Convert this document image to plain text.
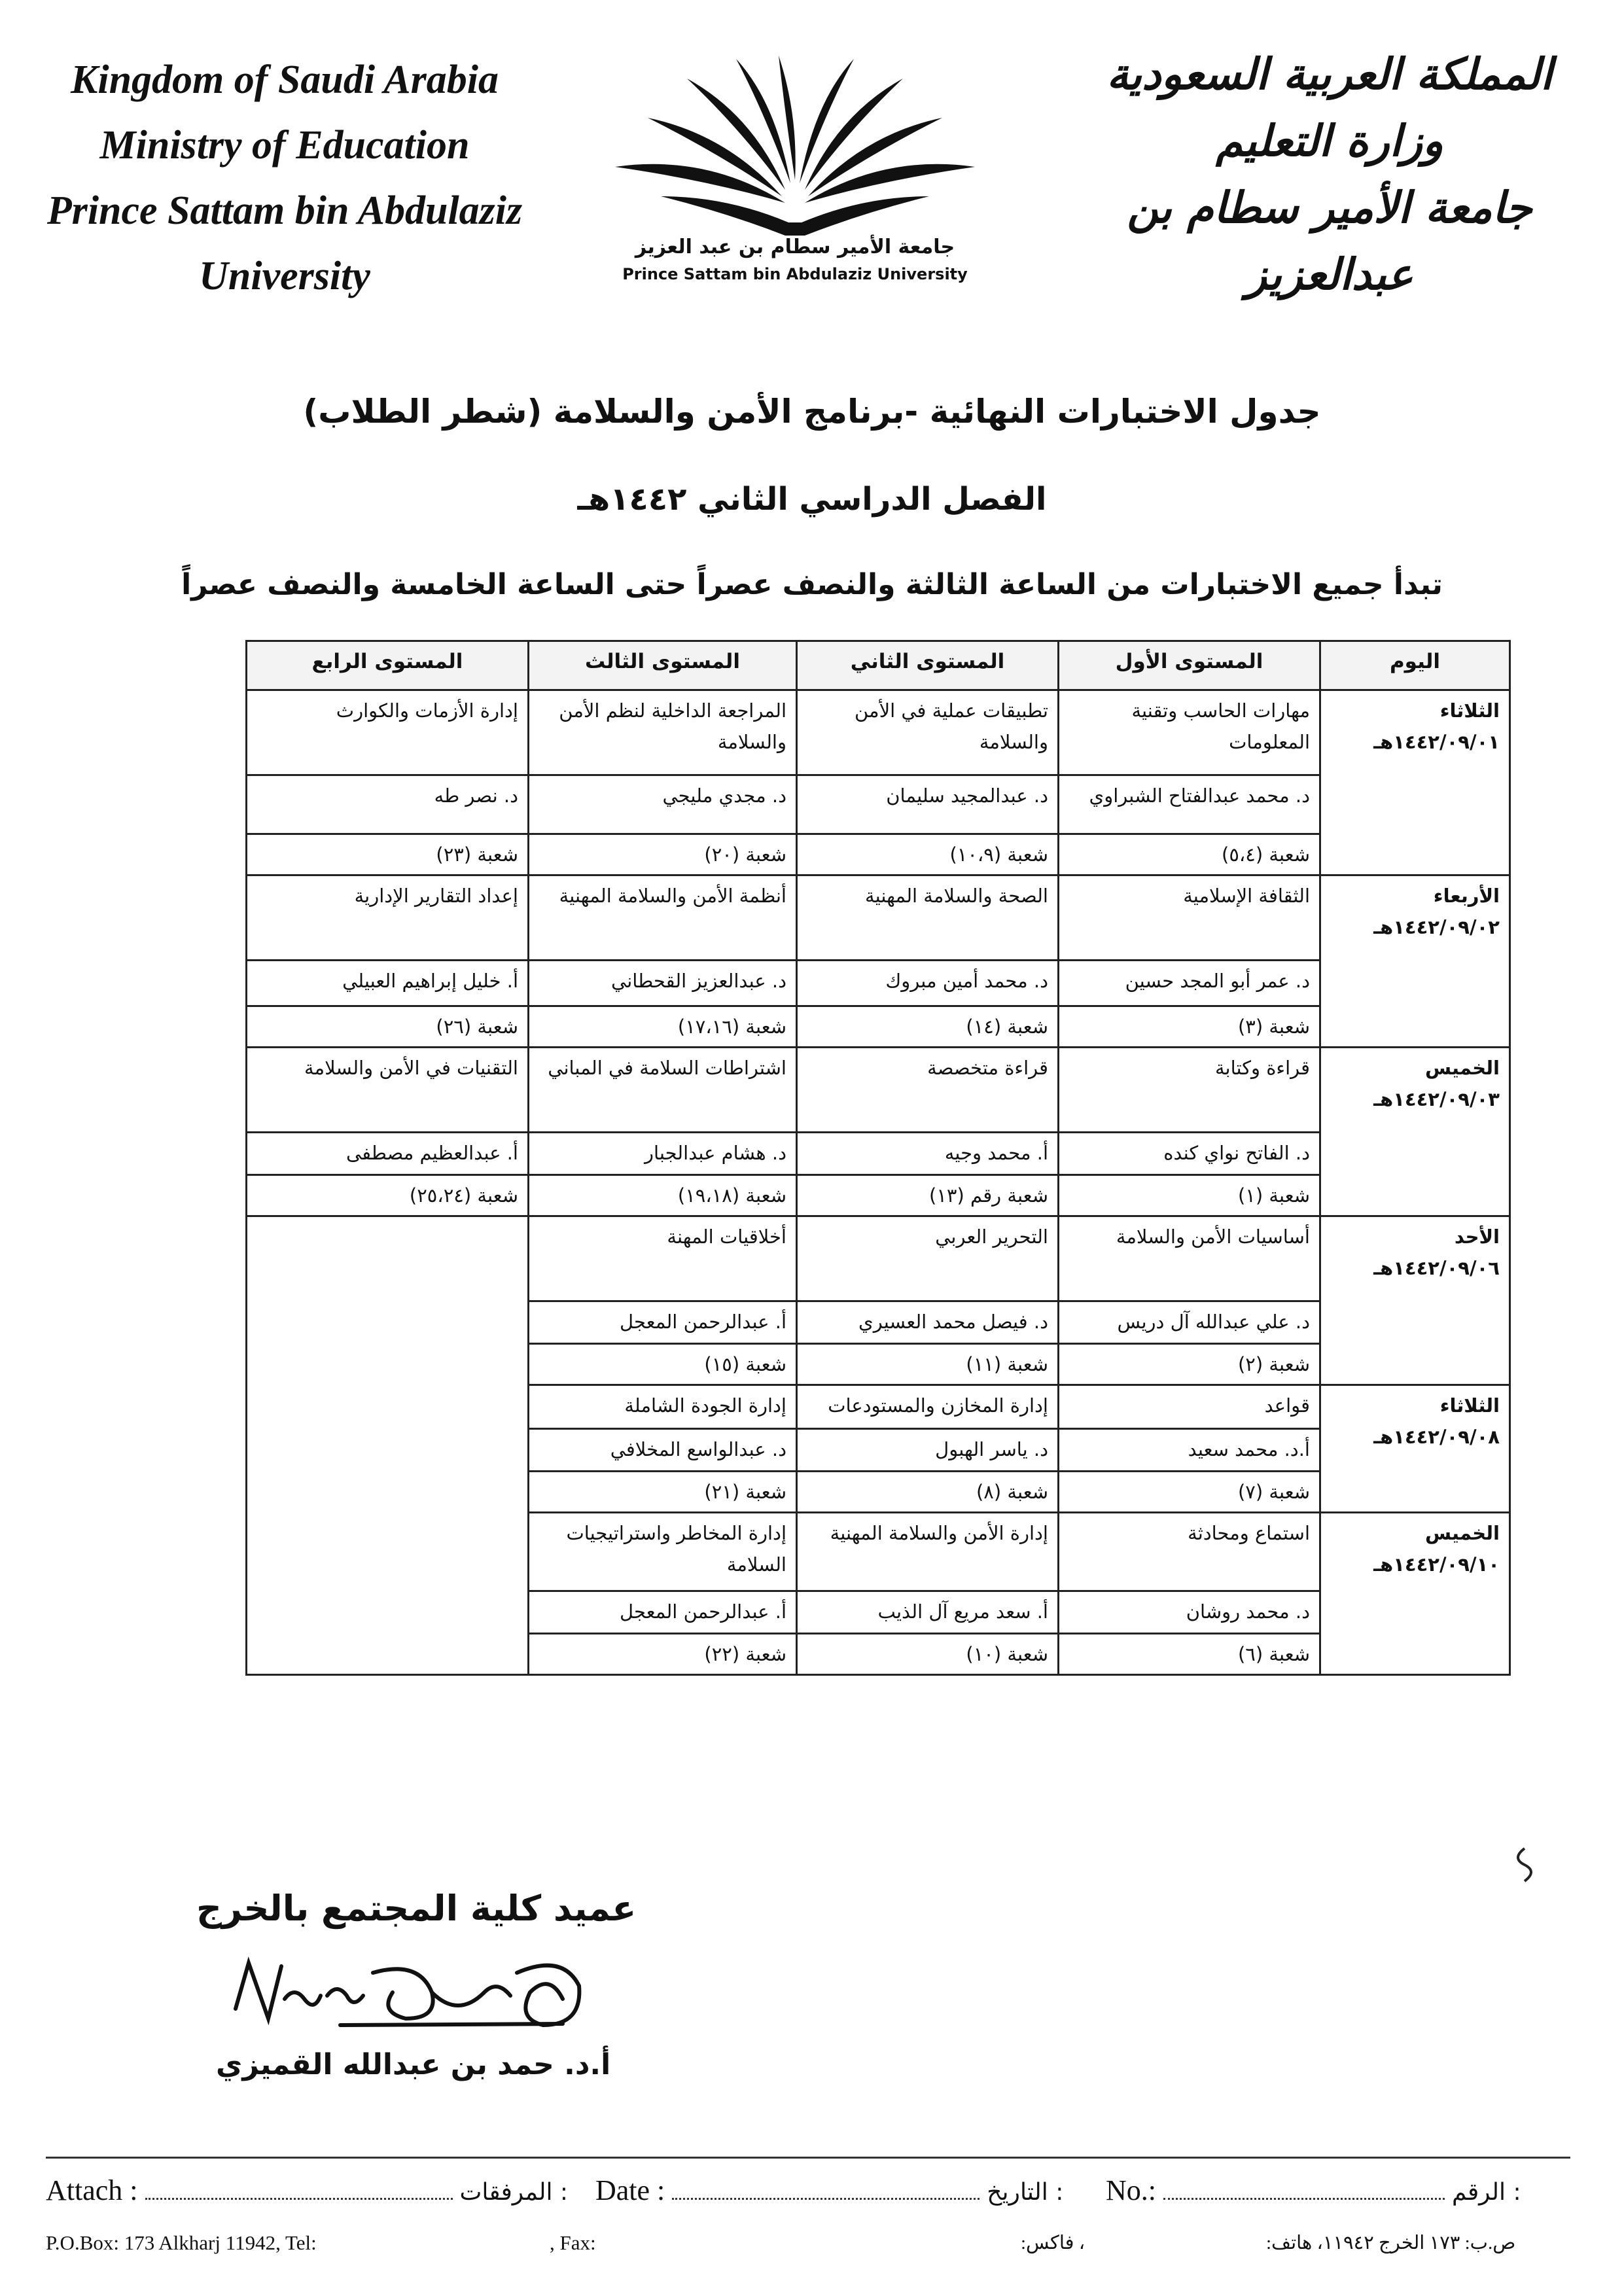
Kingdom of Saudi Arabia
Ministry of Education
Prince Sattam bin Abdulaziz University
جامعة الأمير سطام بن عبد العزيز
Prince Sattam bin Abdulaziz University
المملكة العربية السعودية
وزارة التعليم
جامعة الأمير سطام بن عبدالعزيز
جدول الاختبارات النهائية -برنامج الأمن والسلامة (شطر الطلاب)
الفصل الدراسي الثاني ١٤٤٢هـ
تبدأ جميع الاختبارات من الساعة الثالثة والنصف عصراً حتى الساعة الخامسة والنصف عصراً
اليوم	المستوى الأول	المستوى الثاني	المستوى الثالث	المستوى الرابع

الثلاثاء
١٤٤٢/٠٩/٠١هـ	مهارات الحاسب وتقنية المعلومات	تطبيقات عملية في الأمن والسلامة	المراجعة الداخلية لنظم الأمن والسلامة	إدارة الأزمات والكوارث
	د. محمد عبدالفتاح الشبراوي	د. عبدالمجيد سليمان	د. مجدي مليجي	د. نصر طه
	شعبة (٥،٤)	شعبة (١٠،٩)	شعبة (٢٠)	شعبة (٢٣)

الأربعاء
١٤٤٢/٠٩/٠٢هـ	الثقافة الإسلامية	الصحة والسلامة المهنية	أنظمة الأمن والسلامة المهنية	إعداد التقارير الإدارية
	د. عمر أبو المجد حسين	د. محمد أمين مبروك	د. عبدالعزيز القحطاني	أ. خليل إبراهيم العبيلي
	شعبة (٣)	شعبة (١٤)	شعبة (١٧،١٦)	شعبة (٢٦)

الخميس
١٤٤٢/٠٩/٠٣هـ	قراءة وكتابة	قراءة متخصصة	اشتراطات السلامة في المباني	التقنيات في الأمن والسلامة
	د. الفاتح نواي كنده	أ. محمد وجيه	د. هشام عبدالجبار	أ. عبدالعظيم مصطفى
	شعبة (١)	شعبة رقم (١٣)	شعبة (١٩،١٨)	شعبة (٢٥،٢٤)

الأحد
١٤٤٢/٠٩/٠٦هـ	أساسيات الأمن والسلامة	التحرير العربي	أخلاقيات المهنة	
	د. علي عبدالله آل دريس	د. فيصل محمد العسيري	أ. عبدالرحمن المعجل	
	شعبة (٢)	شعبة (١١)	شعبة (١٥)	

الثلاثاء
١٤٤٢/٠٩/٠٨هـ	قواعد	إدارة المخازن والمستودعات	إدارة الجودة الشاملة	
	أ.د. محمد سعيد	د. ياسر الهبول	د. عبدالواسع المخلافي	
	شعبة (٧)	شعبة (٨)	شعبة (٢١)	

الخميس
١٤٤٢/٠٩/١٠هـ	استماع ومحادثة	إدارة الأمن والسلامة المهنية	إدارة المخاطر واستراتيجيات السلامة	
	د. محمد روشان	أ. سعد مريع آل الذيب	أ. عبدالرحمن المعجل	
	شعبة (٦)	شعبة (١٠)	شعبة (٢٢)	
عميد كلية المجتمع بالخرج
أ.د. حمد بن عبدالله القميزي
Attach :	المرفقات : Date :	التاريخ : No.:	الرقم :
P.O.Box: 173 Alkharj 11942, Tel:	, Fax:	، فاكس:	ص.ب: ١٧٣ الخرج ١١٩٤٢، هاتف:
